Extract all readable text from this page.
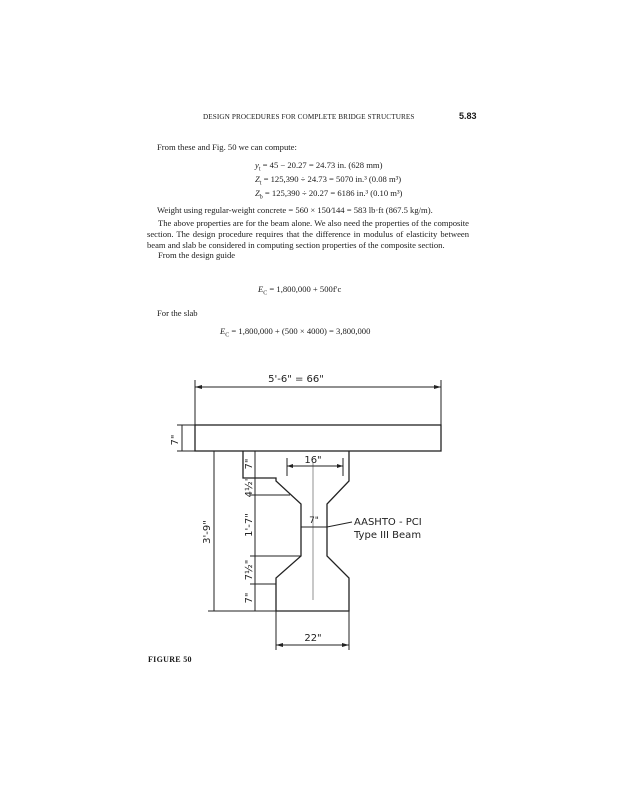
DESIGN PROCEDURES FOR COMPLETE BRIDGE STRUCTURES	5.83
From these and Fig. 50 we can compute:
$y_t = 45 - 20.27 = 24.73$ in. (628 mm)
$Z_t = 125,390 \div 24.73 = 5070$ in.³ (0.08 m³)
$Z_b = 125,390 \div 20.27 = 6186$ in.³ (0.10 m³)
Weight using regular-weight concrete = 560 × 150⁄144 = 583 lb·ft (867.5 kg/m).

The above properties are for the beam alone. We also need the properties of the composite section. The design procedure requires that the difference in modulus of elasticity between beam and slab be considered in computing section properties of the composite section.

From the design guide

$E_C = 1,800,000 + 500f'c$
For the slab
$E_C = 1,800,000 + (500 \times 4000) = 3,800,000$
5'-6" = 66"
7"
3'-9"
7"
4½"
1'-7"
7½"
7"
16"
7"	AASHTO - PCI
Type III Beam
22"
FIGURE 50
